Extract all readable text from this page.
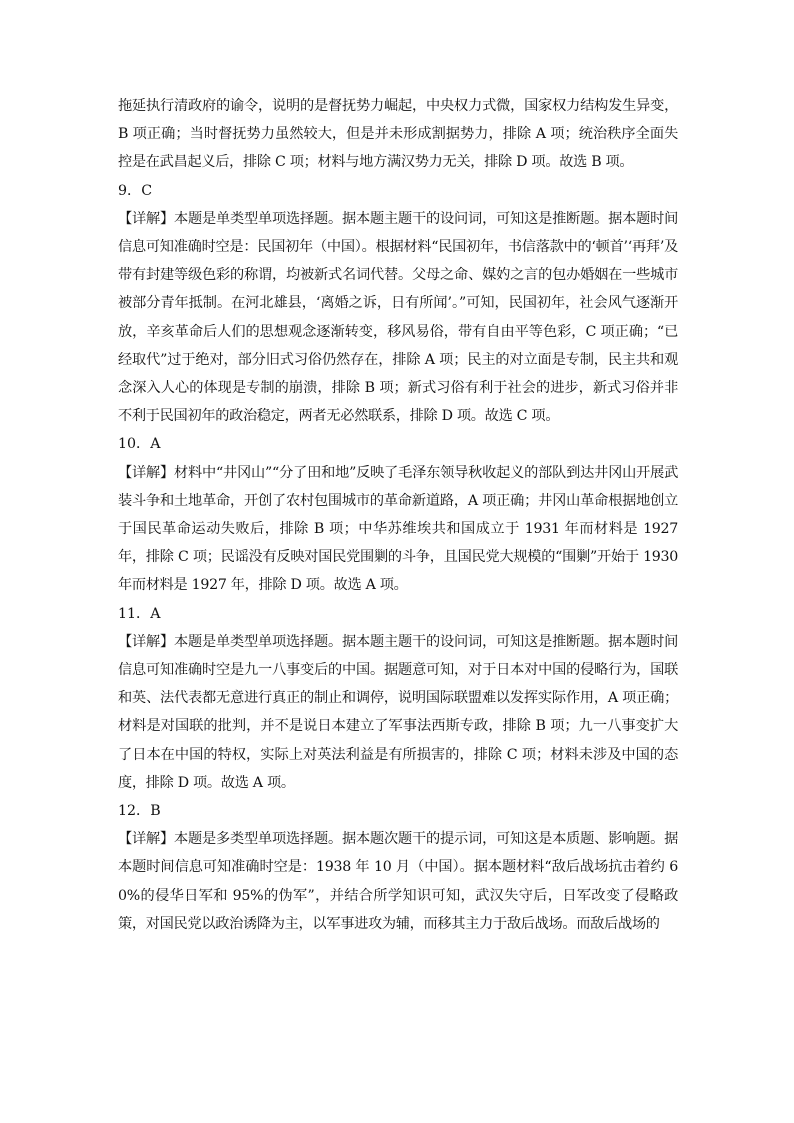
拖延执行清政府的谕令，说明的是督抚势力崛起，中央权力式微，国家权力结构发生异变，B 项正确；当时督抚势力虽然较大，但是并未形成割据势力，排除 A 项；统治秩序全面失控是在武昌起义后，排除 C 项；材料与地方满汉势力无关，排除 D 项。故选 B 项。

9．C

【详解】本题是单类型单项选择题。据本题主题干的设问词，可知这是推断题。据本题时间信息可知准确时空是：民国初年（中国）。根据材料“民国初年，书信落款中的‘顿首’‘再拜’及带有封建等级色彩的称谓，均被新式名词代替。父母之命、媒妁之言的包办婚姻在一些城市被部分青年抵制。在河北雄县，‘离婚之诉，日有所闻’。”可知，民国初年，社会风气逐渐开放，辛亥革命后人们的思想观念逐渐转变，移风易俗，带有自由平等色彩，C 项正确；“已经取代”过于绝对，部分旧式习俗仍然存在，排除 A 项；民主的对立面是专制，民主共和观念深入人心的体现是专制的崩溃，排除 B 项；新式习俗有利于社会的进步，新式习俗并非不利于民国初年的政治稳定，两者无必然联系，排除 D 项。故选 C 项。

10．A

【详解】材料中“井冈山”“分了田和地”反映了毛泽东领导秋收起义的部队到达井冈山开展武装斗争和土地革命，开创了农村包围城市的革命新道路，A 项正确；井冈山革命根据地创立于国民革命运动失败后，排除 B 项；中华苏维埃共和国成立于 1931 年而材料是 1927 年，排除 C 项；民谣没有反映对国民党围剿的斗争，且国民党大规模的“围剿”开始于 1930 年而材料是 1927 年，排除 D 项。故选 A 项。

11．A

【详解】本题是单类型单项选择题。据本题主题干的设问词，可知这是推断题。据本题时间信息可知准确时空是九一八事变后的中国。据题意可知，对于日本对中国的侵略行为，国联和英、法代表都无意进行真正的制止和调停，说明国际联盟难以发挥实际作用，A 项正确；材料是对国联的批判，并不是说日本建立了军事法西斯专政，排除 B 项；九一八事变扩大了日本在中国的特权，实际上对英法利益是有所损害的，排除 C 项；材料未涉及中国的态度，排除 D 项。故选 A 项。

12．B

【详解】本题是多类型单项选择题。据本题次题干的提示词，可知这是本质题、影响题。据本题时间信息可知准确时空是：1938 年 10 月（中国）。据本题材料“敌后战场抗击着约 60%的侵华日军和 95%的伪军”，并结合所学知识可知，武汉失守后，日军改变了侵略政策，对国民党以政治诱降为主，以军事进攻为辅，而移其主力于敌后战场。而敌后战场的
